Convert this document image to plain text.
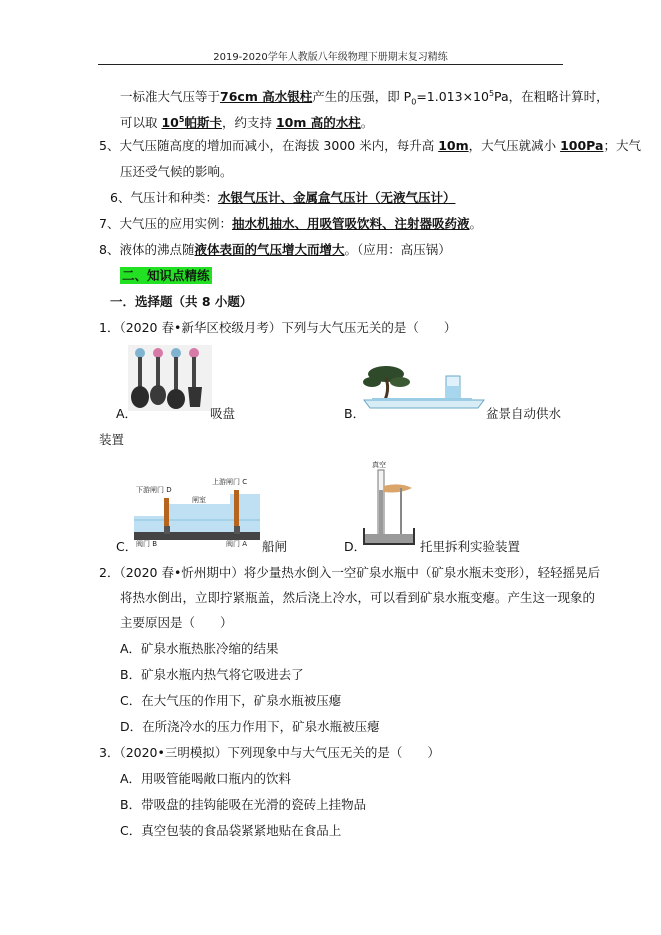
2019-2020学年人教版八年级物理下册期末复习精练
一标准大气压等于76cm 高水银柱产生的压强，即 $P_0=1.013\times 10^5Pa$，在粗略计算时，
可以取 $10^5$帕斯卡，约支持 10m 高的水柱。
5、大气压随高度的增加而减小，在海拔 3000 米内，每升高 10m，大气压就减小 100Pa；大气
压还受气候的影响。
6、气压计和种类：水银气压计、金属盒气压计（无液气压计）
7、大气压的应用实例：抽水机抽水、用吸管吸饮料、注射器吸药液。
8、液体的沸点随液体表面的气压增大而增大。（应用：高压锅）
二、知识点精练
一．选择题（共 8 小题）
1．（2020 春•新华区校级月考）下列与大气压无关的是（　　）
A．	吸盘	B．	盆景自动供水
装置
下游闸门 D
上游闸门 C
闸室
阀门 B	阀门 A
C．	船闸
真空
D．	托里拆利实验装置
2．（2020 春•忻州期中）将少量热水倒入一空矿泉水瓶中（矿泉水瓶未变形），轻轻摇晃后
将热水倒出，立即拧紧瓶盖，然后浇上冷水，可以看到矿泉水瓶变瘪。产生这一现象的
主要原因是（　　）
A．矿泉水瓶热胀冷缩的结果
B．矿泉水瓶内热气将它吸进去了
C．在大气压的作用下，矿泉水瓶被压瘪
D．在所浇冷水的压力作用下，矿泉水瓶被压瘪
3．（2020•三明模拟）下列现象中与大气压无关的是（　　）
A．用吸管能喝敞口瓶内的饮料
B．带吸盘的挂钩能吸在光滑的瓷砖上挂物品
C．真空包装的食品袋紧紧地贴在食品上
